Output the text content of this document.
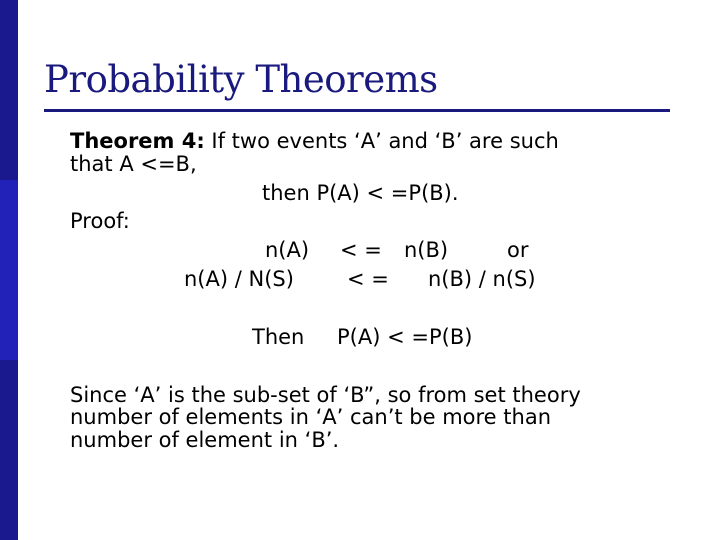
Probability Theorems

Theorem 4: If two events ‘A’ and ‘B’ are such

that A <=B,

then P(A) < =P(B).

Proof:

n(A) < = n(B)	or

n(A) / N(S)	< = n(B) / n(S)

Then P(A) < =P(B)

Since ‘A’ is the sub-set of ‘B”, so from set theory

number of elements in ‘A’ can’t be more than

number of element in ‘B’.
